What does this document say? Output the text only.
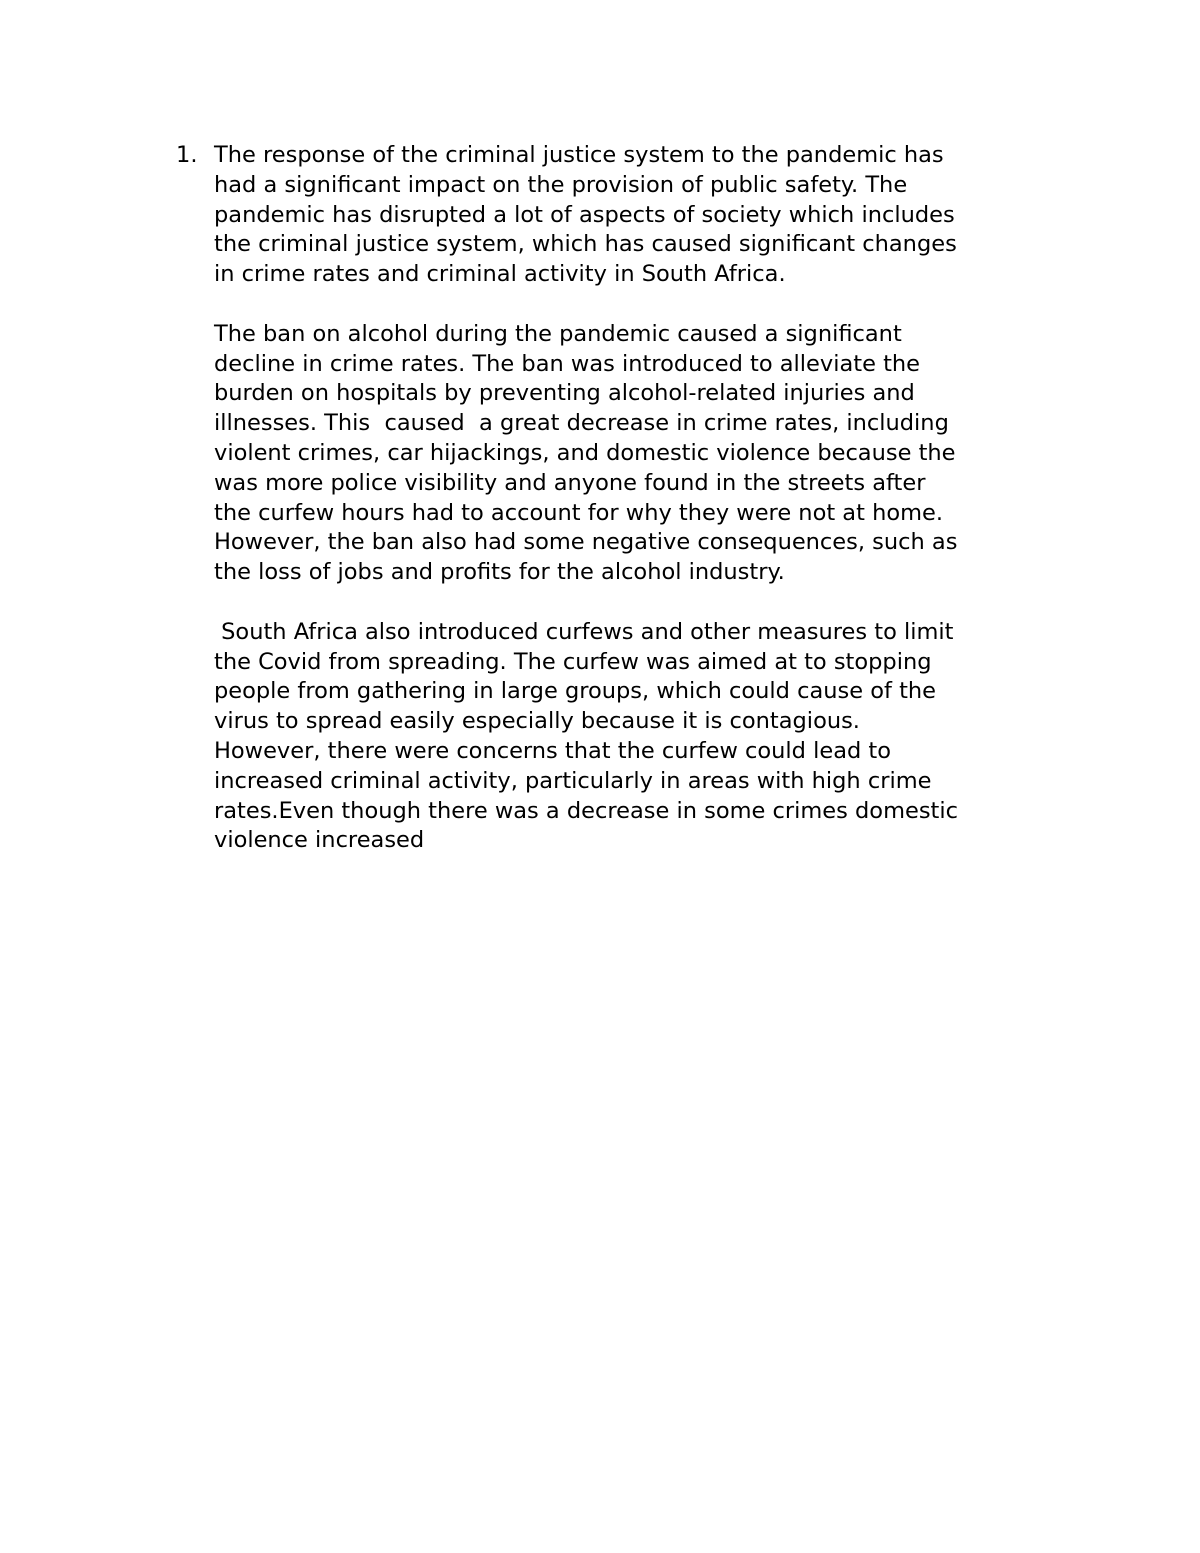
1. The response of the criminal justice system to the pandemic has
had a significant impact on the provision of public safety. The
pandemic has disrupted a lot of aspects of society which includes
the criminal justice system, which has caused significant changes
in crime rates and criminal activity in South Africa.
The ban on alcohol during the pandemic caused a significant
decline in crime rates. The ban was introduced to alleviate the
burden on hospitals by preventing alcohol-related injuries and
illnesses. This  caused  a great decrease in crime rates, including
violent crimes, car hijackings, and domestic violence because the
was more police visibility and anyone found in the streets after
the curfew hours had to account for why they were not at home.
However, the ban also had some negative consequences, such as
the loss of jobs and profits for the alcohol industry.
South Africa also introduced curfews and other measures to limit
the Covid from spreading. The curfew was aimed at to stopping
people from gathering in large groups, which could cause of the
virus to spread easily especially because it is contagious.
However, there were concerns that the curfew could lead to
increased criminal activity, particularly in areas with high crime
rates.Even though there was a decrease in some crimes domestic
violence increased
